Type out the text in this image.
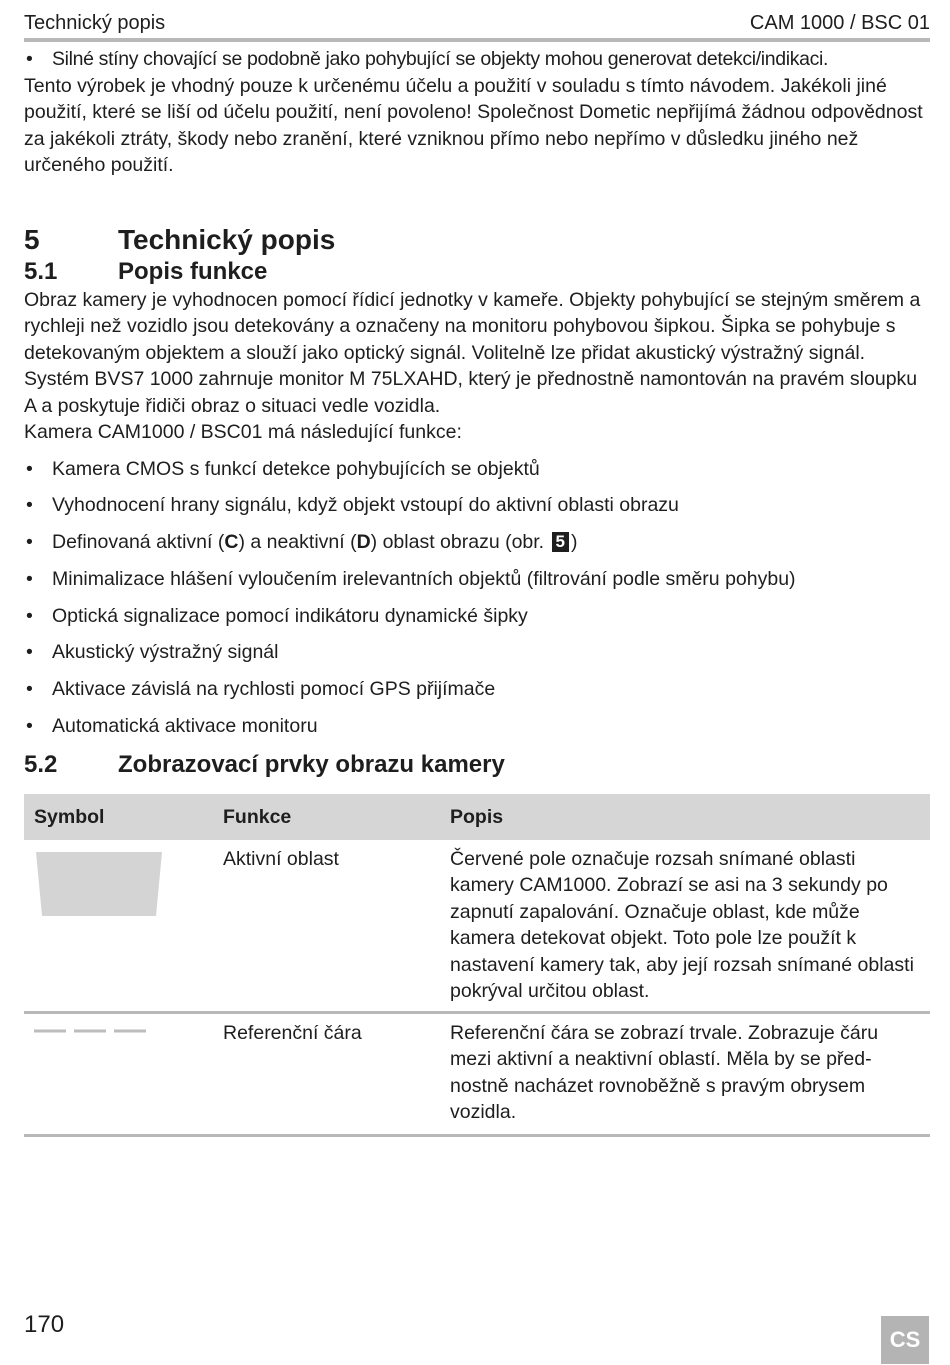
Technický popis	CAM 1000 / BSC 01
• Silné stíny chovající se podobně jako pohybující se objekty mohou generovat detekci/indikaci.

Tento výrobek je vhodný pouze k určenému účelu a použití v souladu s tímto návodem. Jakékoli jiné použití, které se liší od účelu použití, není povoleno! Společnost Dometic nepřijímá žádnou odpovědnost za jakékoli ztráty, škody nebo zranění, které vzniknou přímo nebo nepřímo v důsledku jiného než určeného použití.

5	Technický popis
5.1	Popis funkce

Obraz kamery je vyhodnocen pomocí řídicí jednotky v kameře. Objekty pohybující se stejným směrem a rychleji než vozidlo jsou detekovány a označeny na monitoru pohybovou šipkou. Šipka se pohybuje s detekovaným objektem a slouží jako optický signál. Volitelně lze přidat akustický výstražný signál.

Systém BVS7 1000 zahrnuje monitor M 75LXAHD, který je přednostně namontován na pravém sloupku A a poskytuje řidiči obraz o situaci vedle vozidla.

Kamera CAM1000 / BSC01 má následující funkce:

• Kamera CMOS s funkcí detekce pohybujících se objektů
• Vyhodnocení hrany signálu, když objekt vstoupí do aktivní oblasti obrazu
• Definovaná aktivní (C) a neaktivní (D) oblast obrazu (obr. 5 )
• Minimalizace hlášení vyloučením irelevantních objektů (filtrování podle směru pohybu)
• Optická signalizace pomocí indikátoru dynamické šipky
• Akustický výstražný signál
• Aktivace závislá na rychlosti pomocí GPS přijímače
• Automatická aktivace monitoru
5.2	Zobrazovací prvky obrazu kamery
Symbol	Funkce	Popis

	Aktivní oblast	Červené pole označuje rozsah snímané oblasti kamery CAM1000. Zobrazí se asi na 3 sekundy po zapnutí zapalování. Označuje oblast, kde může kamera detekovat objekt. Toto pole lze použít k nastavení kamery tak, aby její rozsah snímané oblasti pokrýval určitou oblast.

	Referenční čára	Referenční čára se zobrazí trvale. Zobrazuje čáru mezi aktivní a neaktivní oblastí. Měla by se přednostně nacházet rovnoběžně s pravým obrysem vozidla.
170
CS
